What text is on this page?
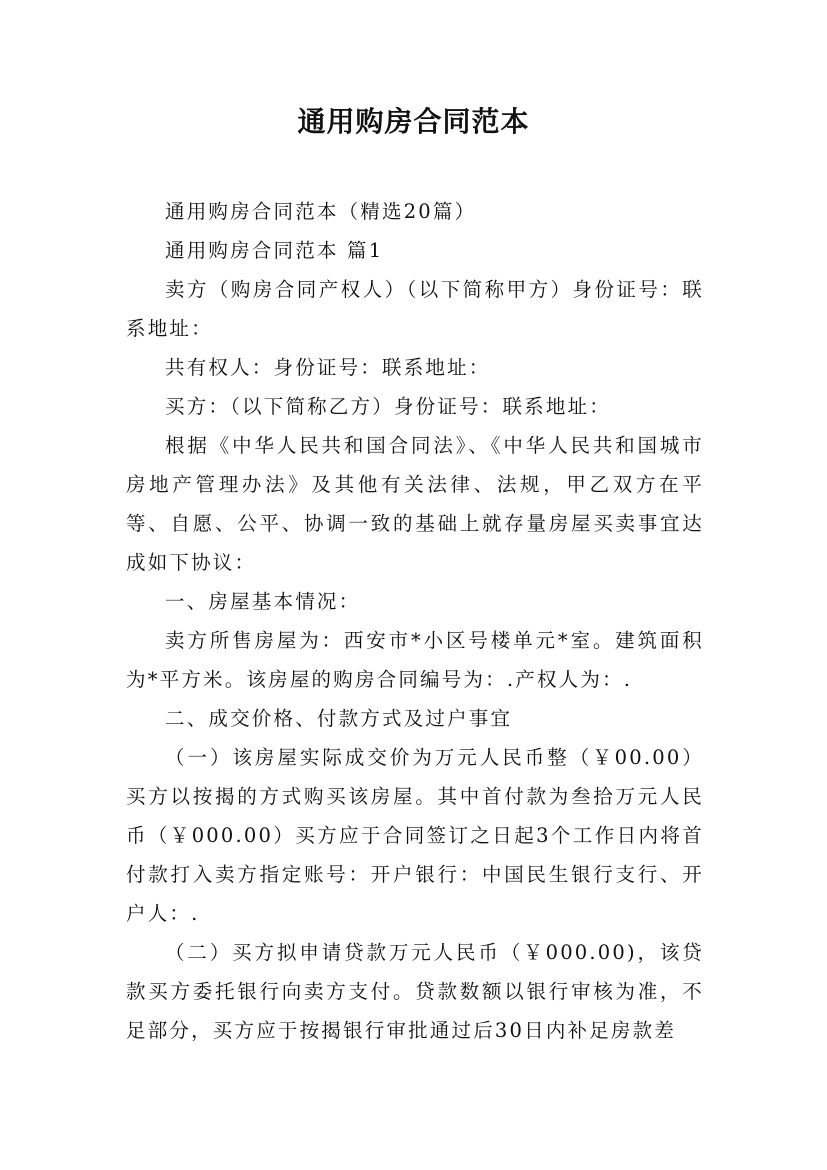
通用购房合同范本

通用购房合同范本（精选20篇）

通用购房合同范本 篇1

卖方（购房合同产权人）（以下简称甲方）身份证号：联系地址：

共有权人：身份证号：联系地址：

买方：（以下简称乙方）身份证号：联系地址：

根据《中华人民共和国合同法》、《中华人民共和国城市房地产管理办法》及其他有关法律、法规，甲乙双方在平等、自愿、公平、协调一致的基础上就存量房屋买卖事宜达成如下协议：

一、房屋基本情况：

卖方所售房屋为：西安市*小区号楼单元*室。建筑面积为*平方米。该房屋的购房合同编号为：.产权人为：.

二、成交价格、付款方式及过户事宜

（一）该房屋实际成交价为万元人民币整（￥00.00）买方以按揭的方式购买该房屋。其中首付款为叁拾万元人民币（￥000.00）买方应于合同签订之日起3个工作日内将首付款打入卖方指定账号：开户银行：中国民生银行支行、开户人：.

（二）买方拟申请贷款万元人民币（￥000.00)，该贷款买方委托银行向卖方支付。贷款数额以银行审核为准，不足部分，买方应于按揭银行审批通过后30日内补足房款差
